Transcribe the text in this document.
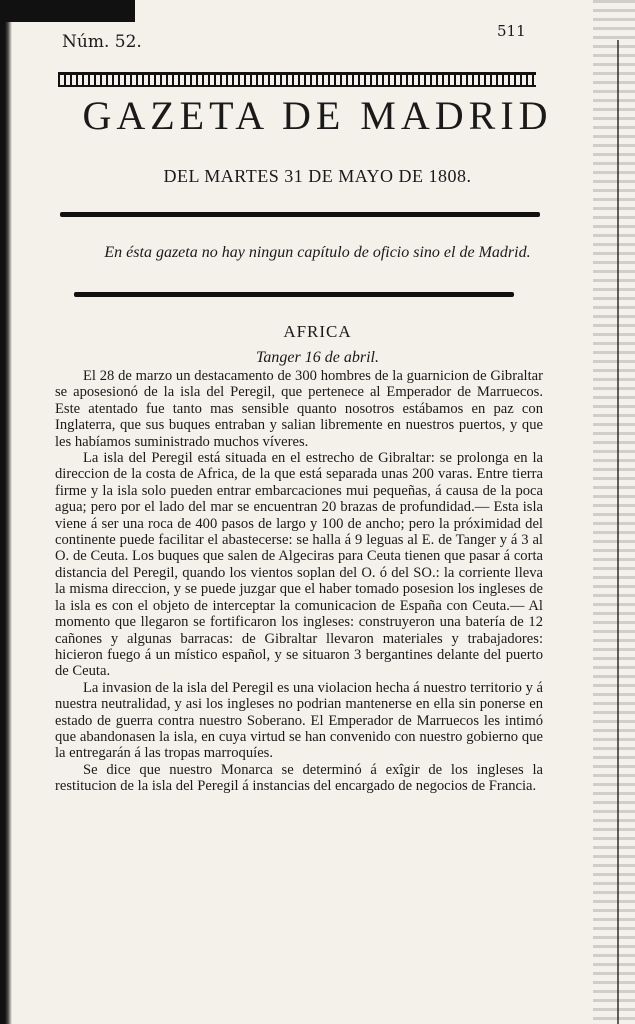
Núm. 52.
511
GAZETA DE MADRID
DEL MARTES 31 DE MAYO DE 1808.
En ésta gazeta no hay ningun capítulo de oficio sino el de Madrid.
AFRICA
Tanger 16 de abril.

El 28 de marzo un destacamento de 300 hombres de la guarnicion de Gibraltar se aposesionó de la isla del Peregil, que pertenece al Emperador de Marruecos. Este atentado fue tanto mas sensible quanto nosotros estábamos en paz con Inglaterra, que sus buques entraban y salian libremente en nuestros puertos, y que les habíamos suministrado muchos víveres.

La isla del Peregil está situada en el estrecho de Gibraltar: se prolonga en la direccion de la costa de Africa, de la que está separada unas 200 varas. Entre tierra firme y la isla solo pueden entrar embarcaciones mui pequeñas, á causa de la poca agua; pero por el lado del mar se encuentran 20 brazas de profundidad.— Esta isla viene á ser una roca de 400 pasos de largo y 100 de ancho; pero la próximidad del continente puede facilitar el abastecerse: se halla á 9 leguas al E. de Tanger y á 3 al O. de Ceuta. Los buques que salen de Algeciras para Ceuta tienen que pasar á corta distancia del Peregil, quando los vientos soplan del O. ó del SO.: la corriente lleva la misma direccion, y se puede juzgar que el haber tomado posesion los ingleses de la isla es con el objeto de interceptar la comunicacion de España con Ceuta.— Al momento que llegaron se fortificaron los ingleses: construyeron una batería de 12 cañones y algunas barracas: de Gibraltar llevaron materiales y trabajadores: hicieron fuego á un místico español, y se situaron 3 bergantines delante del puerto de Ceuta.

La invasion de la isla del Peregil es una violacion hecha á nuestro territorio y á nuestra neutralidad, y asi los ingleses no podrian mantenerse en ella sin ponerse en estado de guerra contra nuestro Soberano. El Emperador de Marruecos les intimó que abandonasen la isla, en cuya virtud se han convenido con nuestro gobierno que la entregarán á las tropas marroquíes.

Se dice que nuestro Monarca se determinó á exîgir de los ingleses la restitucion de la isla del Peregil á instancias del encargado de negocios de Francia.
